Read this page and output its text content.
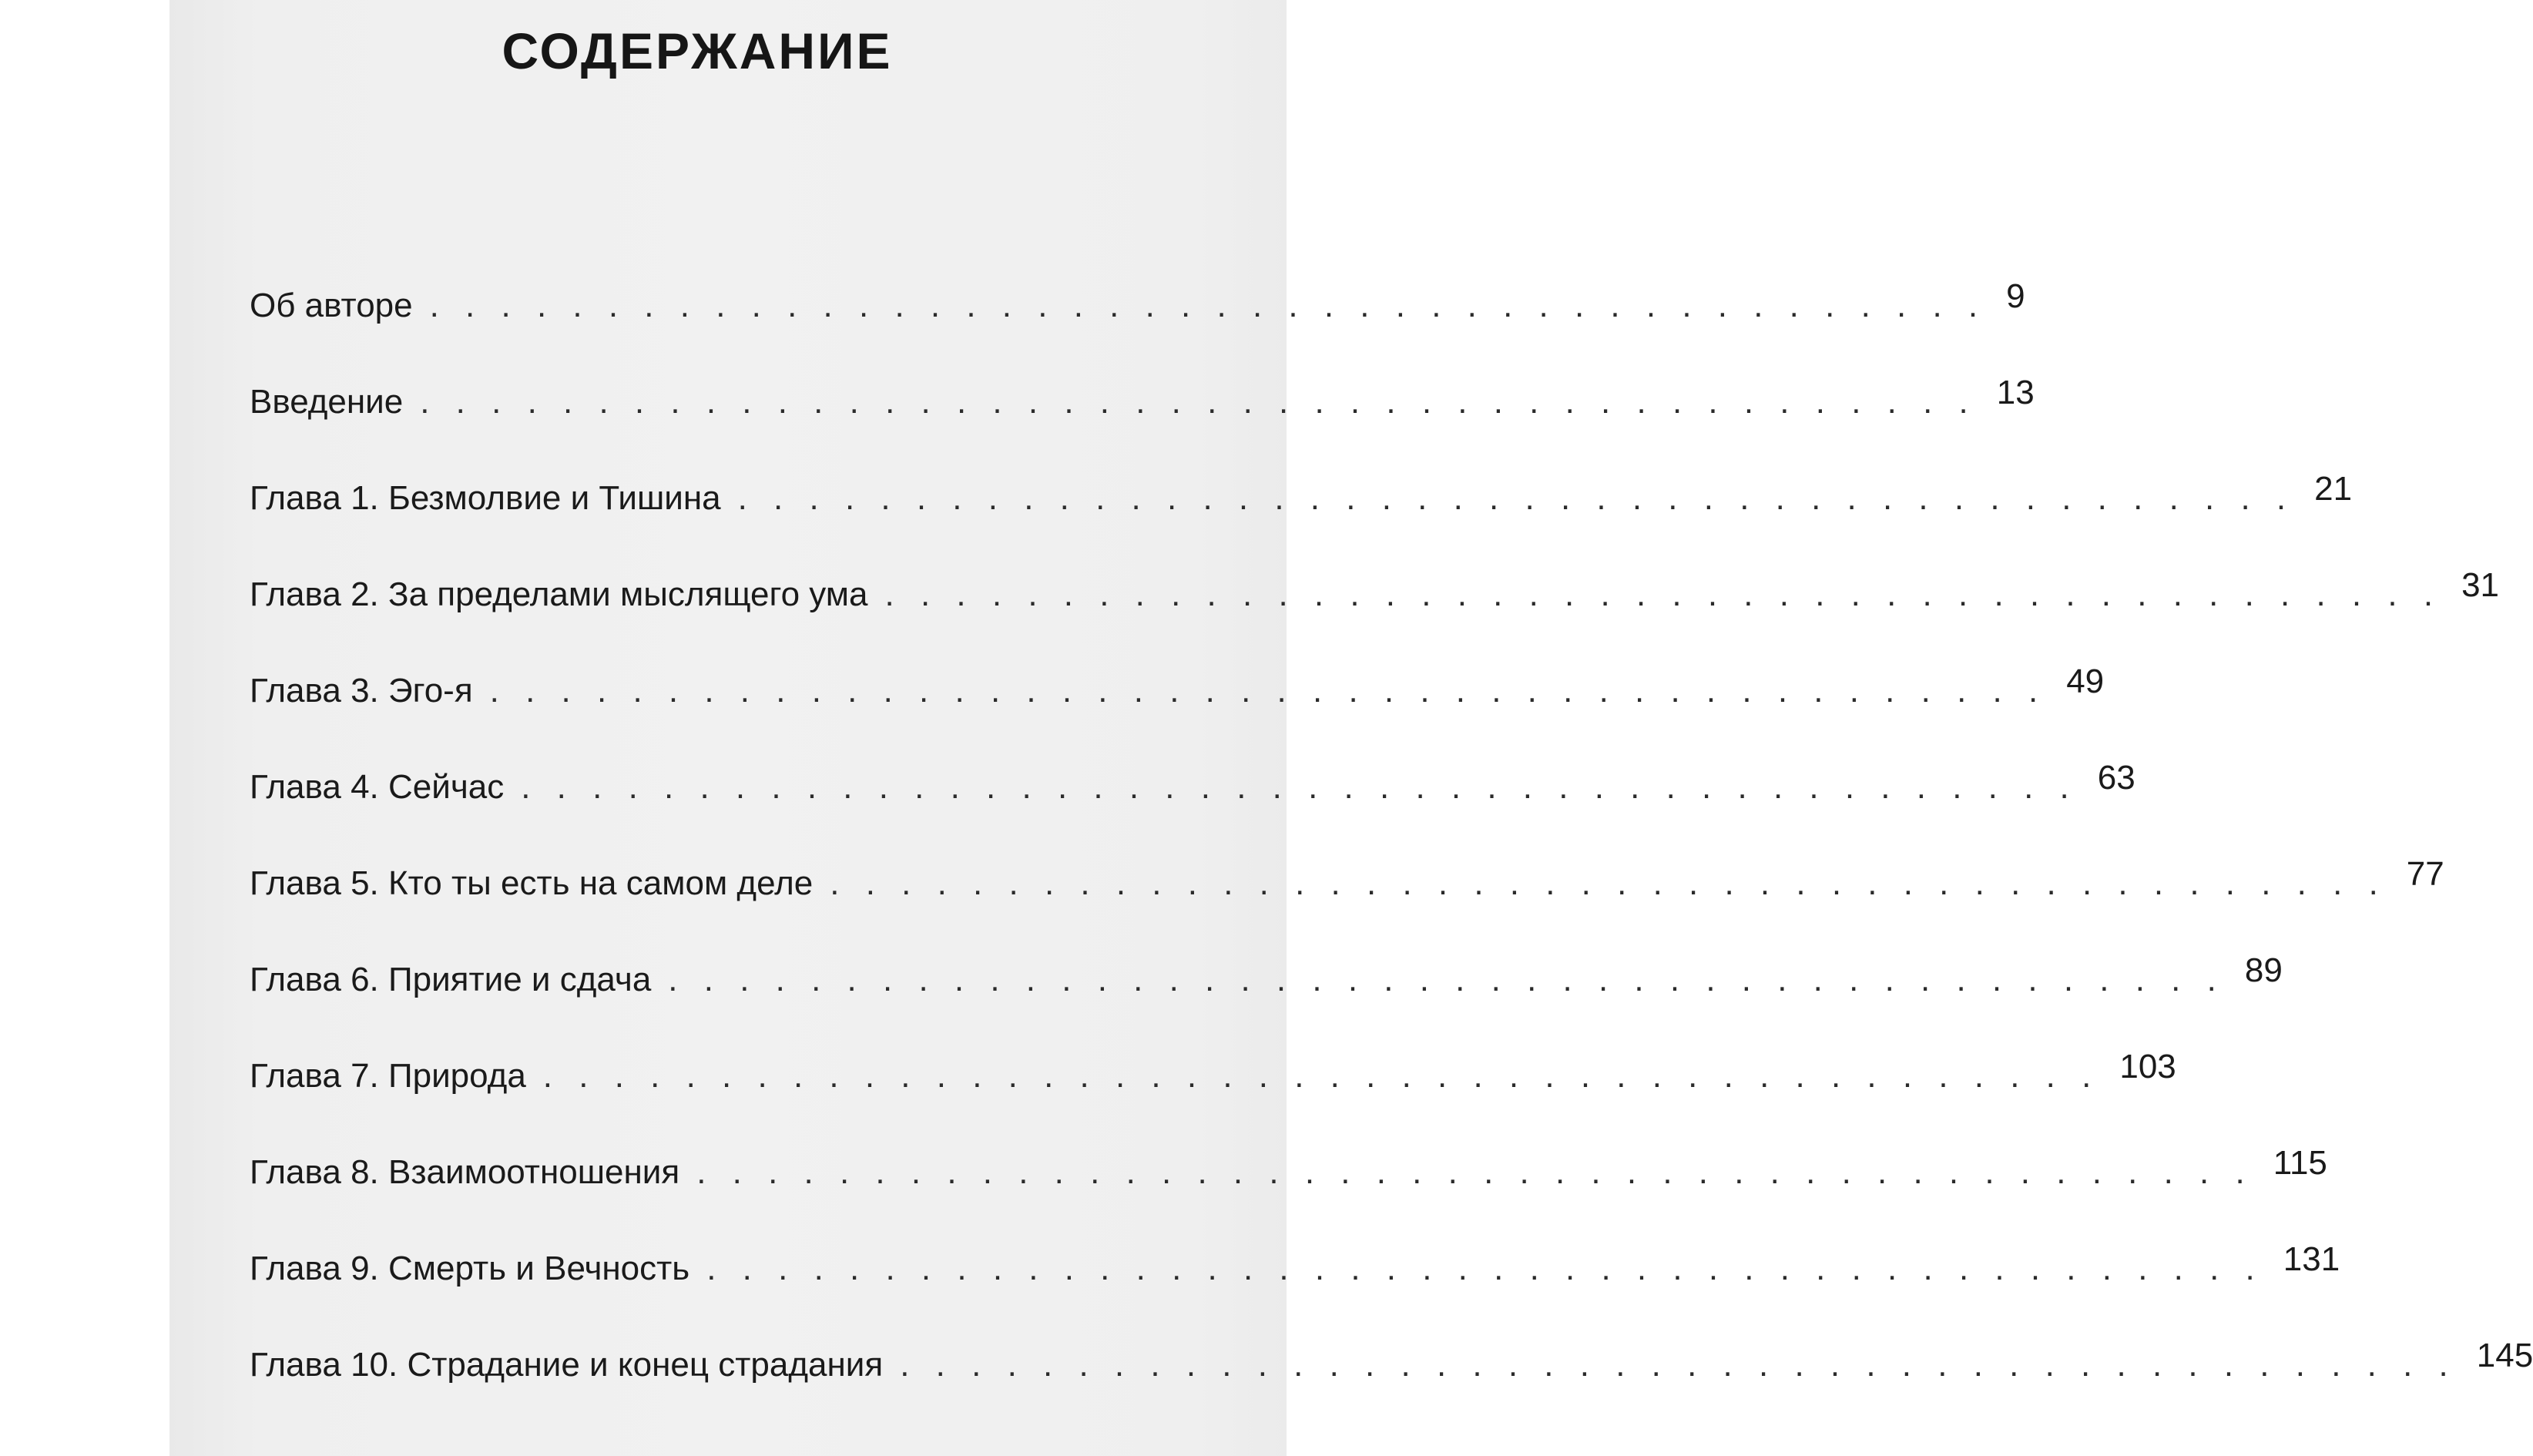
СОДЕРЖАНИЕ
Об авторе . . . . . . . . . . . . . . . . . . . . . . . . . . . . . . . . . . . . . . . . . . . . 9
Введение . . . . . . . . . . . . . . . . . . . . . . . . . . . . . . . . . . . . . . . . . . . . 13
Глава 1. Безмолвие и Тишина . . . . . . . . . . . . . . . . . . . . . . . . . . . . . . . . . . . . . . . . . . . . 21
Глава 2. За пределами мыслящего ума . . . . . . . . . . . . . . . . . . . . . . . . . . . . . . . . . . . . . . . . . . . . 31
Глава 3. Эго-я . . . . . . . . . . . . . . . . . . . . . . . . . . . . . . . . . . . . . . . . . . . . 49
Глава 4. Сейчас . . . . . . . . . . . . . . . . . . . . . . . . . . . . . . . . . . . . . . . . . . . . 63
Глава 5. Кто ты есть на самом деле . . . . . . . . . . . . . . . . . . . . . . . . . . . . . . . . . . . . . . . . . . . . 77
Глава 6. Приятие и сдача . . . . . . . . . . . . . . . . . . . . . . . . . . . . . . . . . . . . . . . . . . . . 89
Глава 7. Природа . . . . . . . . . . . . . . . . . . . . . . . . . . . . . . . . . . . . . . . . . . . . 103
Глава 8. Взаимоотношения . . . . . . . . . . . . . . . . . . . . . . . . . . . . . . . . . . . . . . . . . . . . 115
Глава 9. Смерть и Вечность . . . . . . . . . . . . . . . . . . . . . . . . . . . . . . . . . . . . . . . . . . . . 131
Глава 10. Страдание и конец страдания . . . . . . . . . . . . . . . . . . . . . . . . . . . . . . . . . . . . . . . . . . . . 145
